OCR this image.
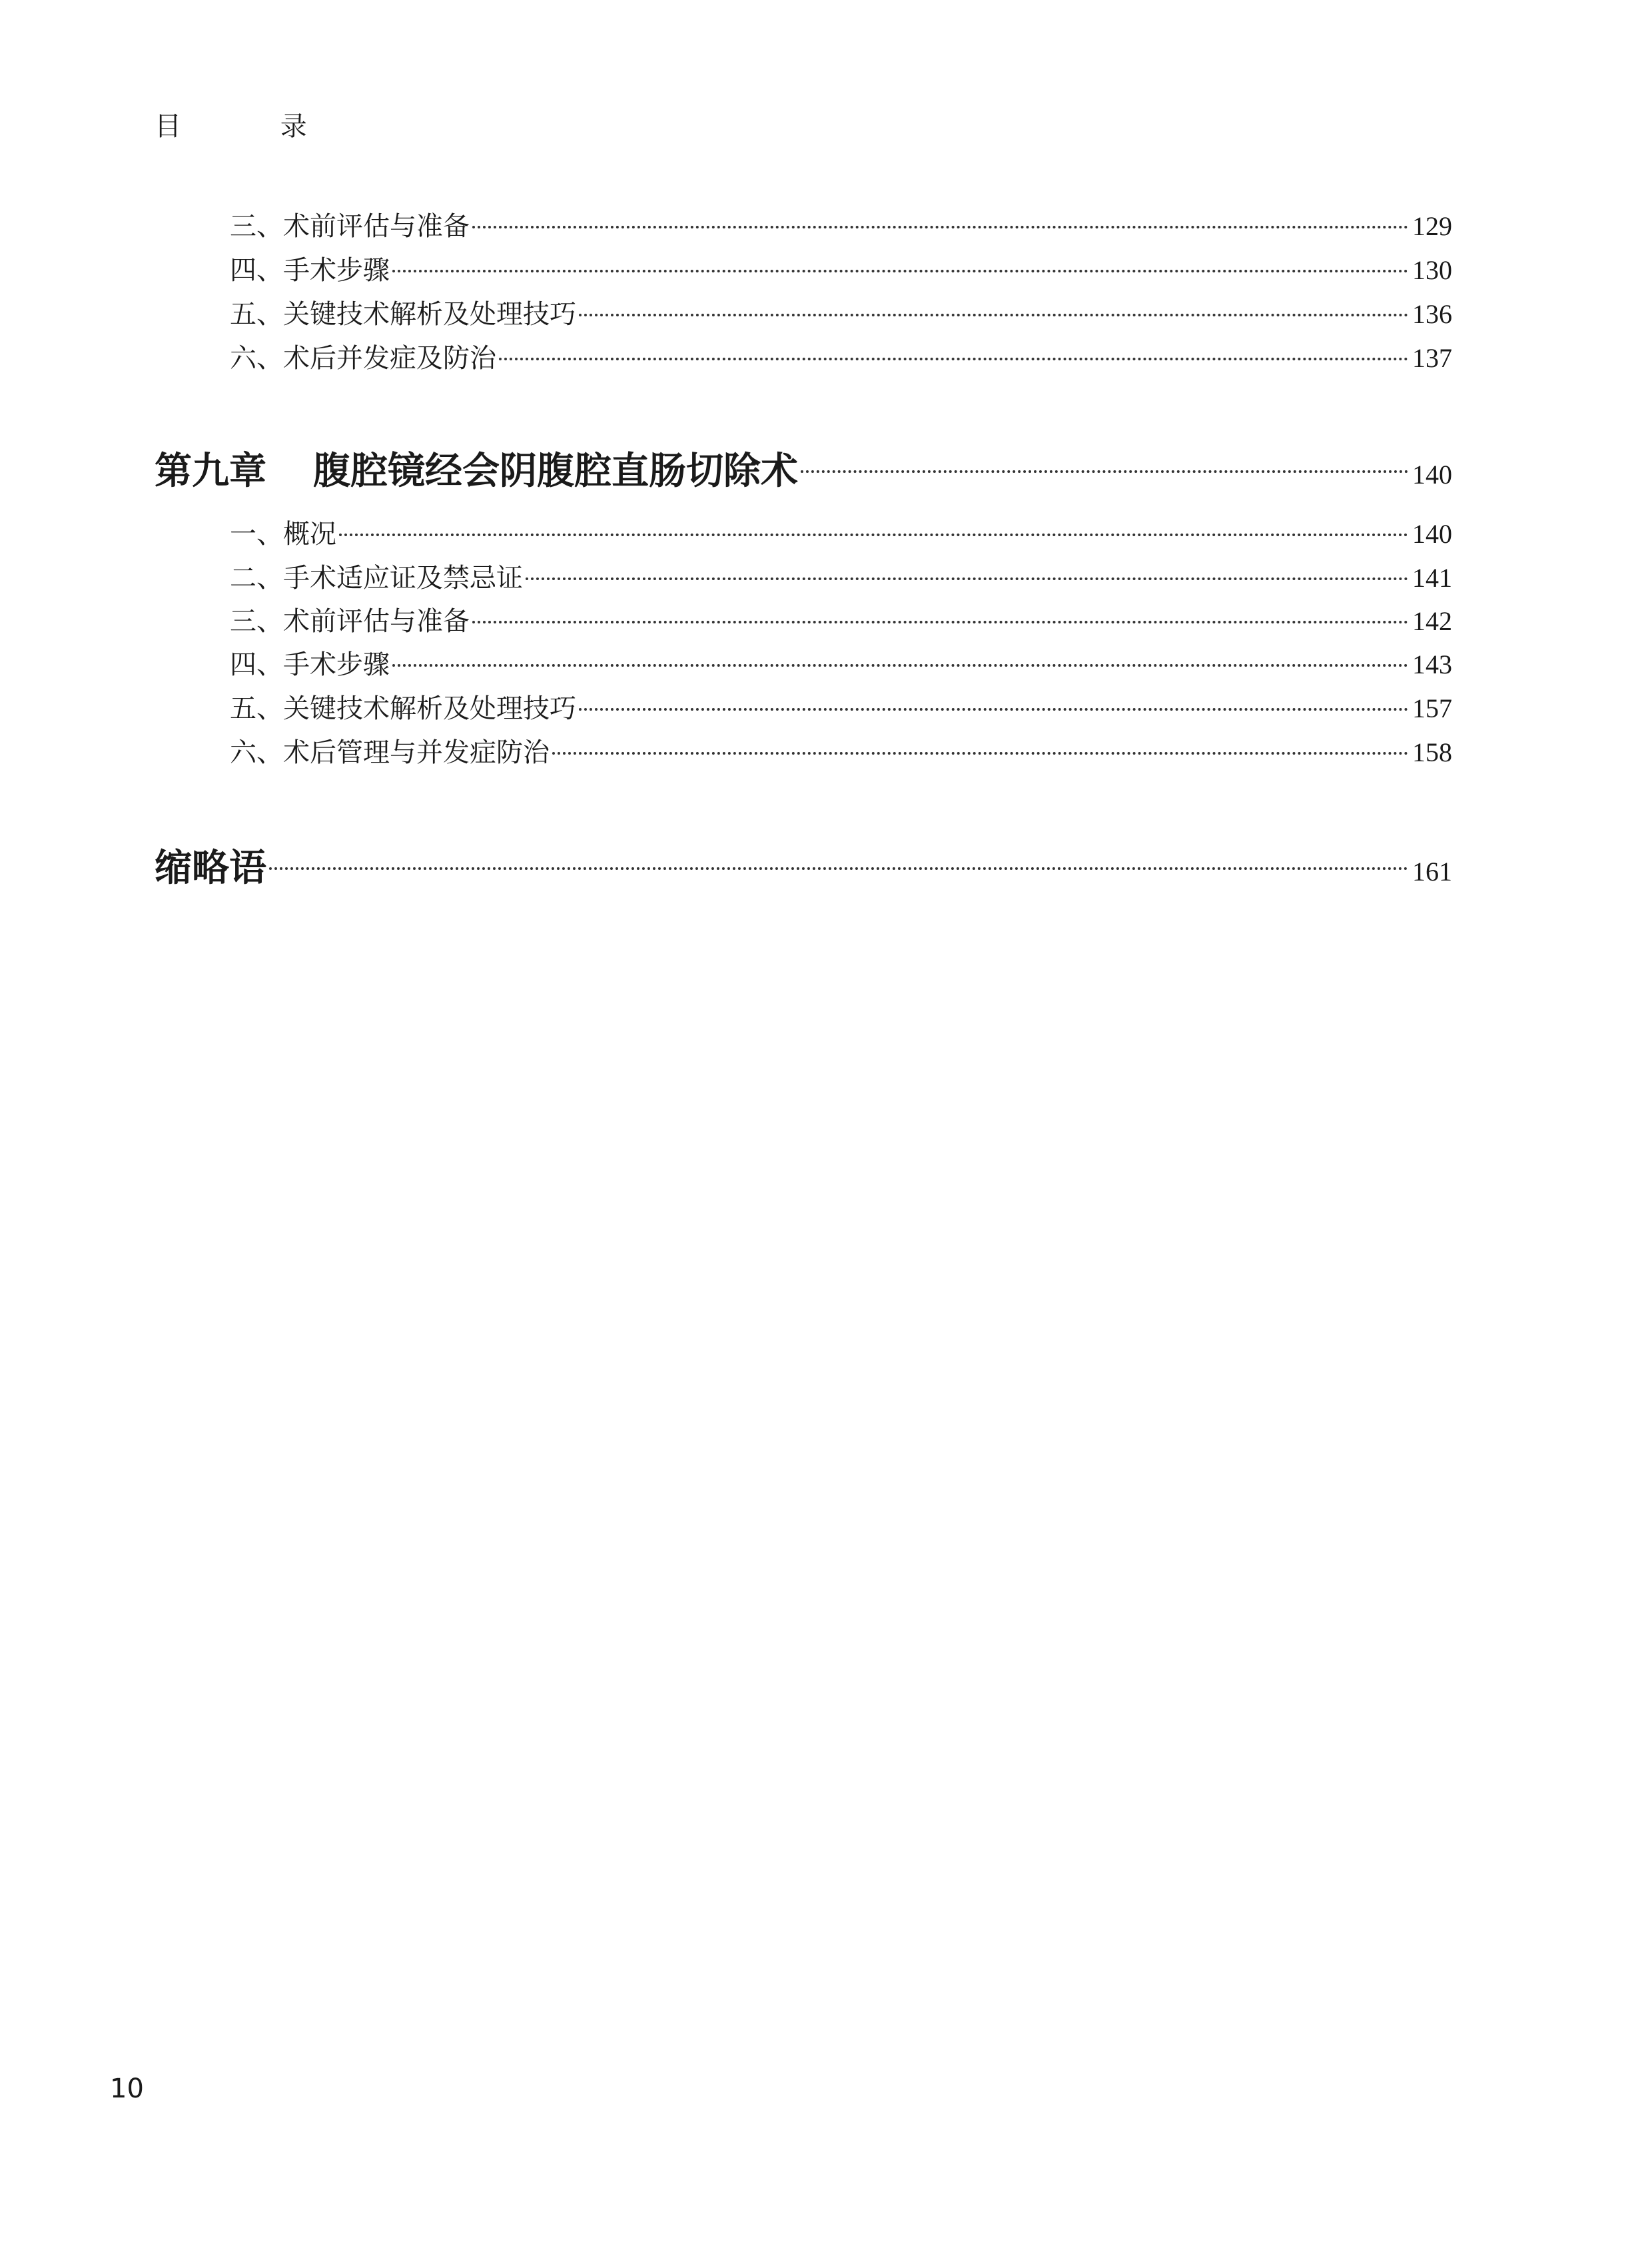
目 录
三、术前评估与准备	129
四、手术步骤	130
五、关键技术解析及处理技巧	136
六、术后并发症及防治	137
第九章 腹腔镜经会阴腹腔直肠切除术	140
一、概况	140
二、手术适应证及禁忌证	141
三、术前评估与准备	142
四、手术步骤	143
五、关键技术解析及处理技巧	157
六、术后管理与并发症防治	158
缩略语	161
10
